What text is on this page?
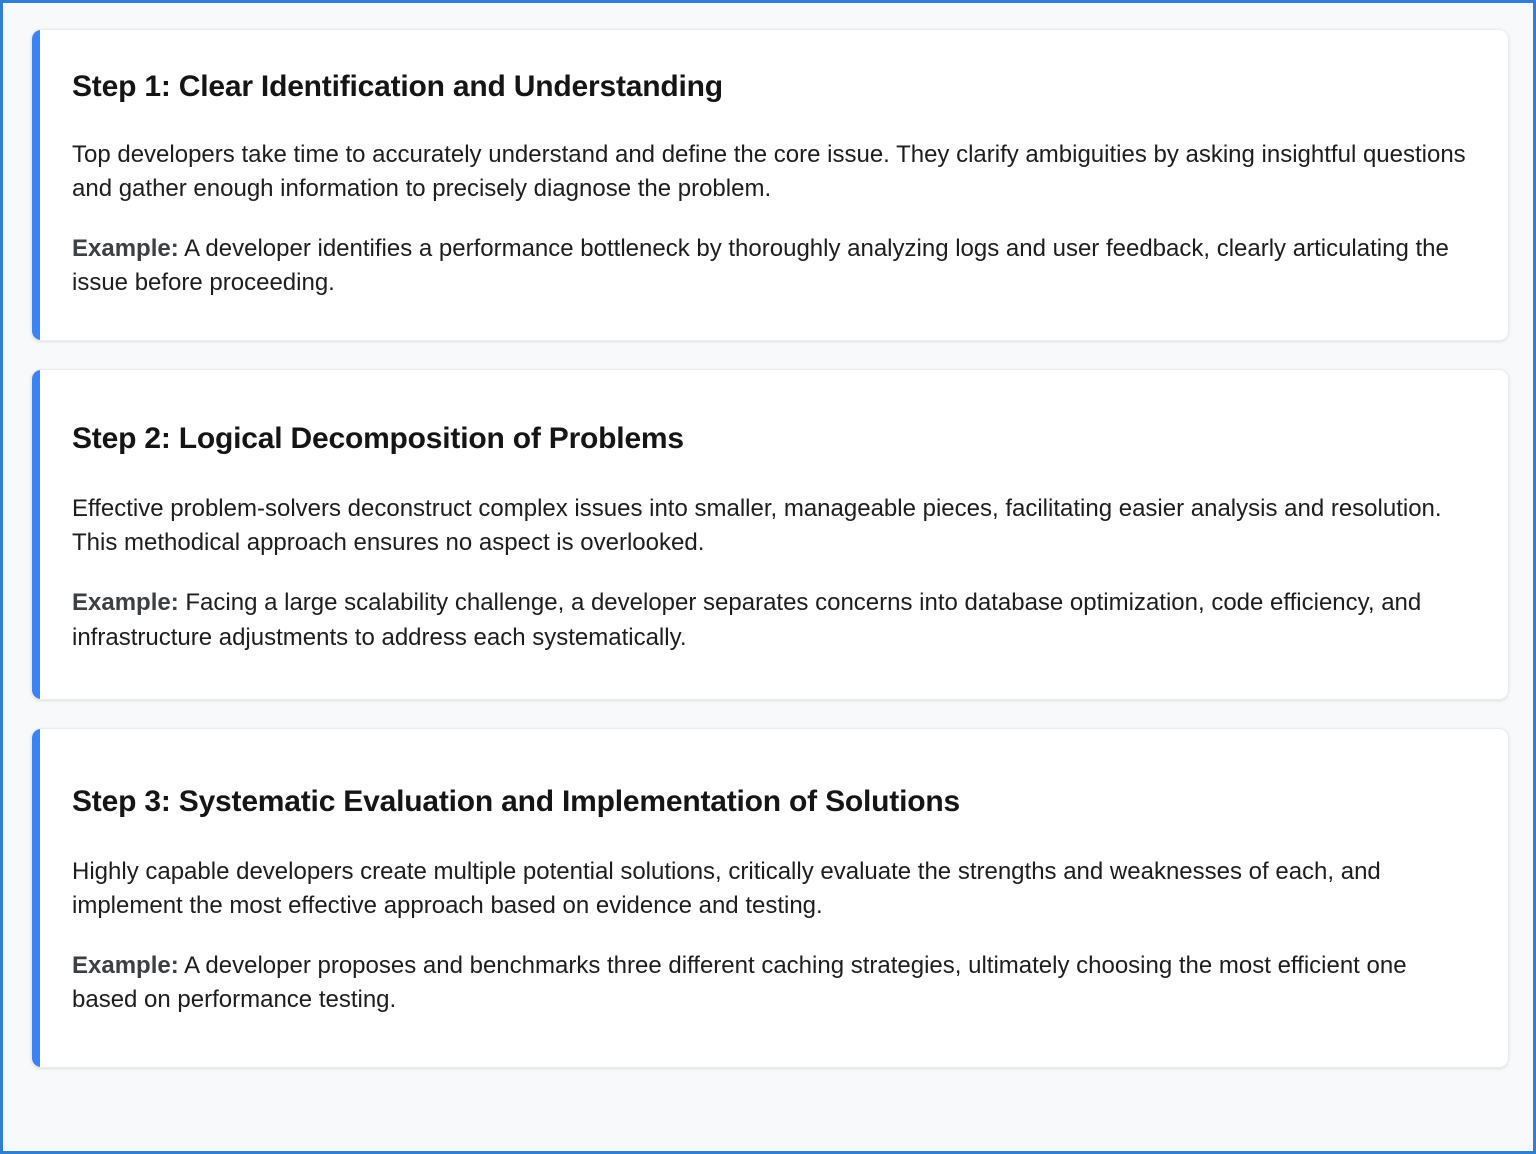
Step 1: Clear Identification and Understanding

Top developers take time to accurately understand and define the core issue. They clarify ambiguities by asking insightful questions and gather enough information to precisely diagnose the problem.

Example: A developer identifies a performance bottleneck by thoroughly analyzing logs and user feedback, clearly articulating the issue before proceeding.

Step 2: Logical Decomposition of Problems

Effective problem-solvers deconstruct complex issues into smaller, manageable pieces, facilitating easier analysis and resolution. This methodical approach ensures no aspect is overlooked.

Example: Facing a large scalability challenge, a developer separates concerns into database optimization, code efficiency, and infrastructure adjustments to address each systematically.

Step 3: Systematic Evaluation and Implementation of Solutions

Highly capable developers create multiple potential solutions, critically evaluate the strengths and weaknesses of each, and implement the most effective approach based on evidence and testing.

Example: A developer proposes and benchmarks three different caching strategies, ultimately choosing the most efficient one based on performance testing.
